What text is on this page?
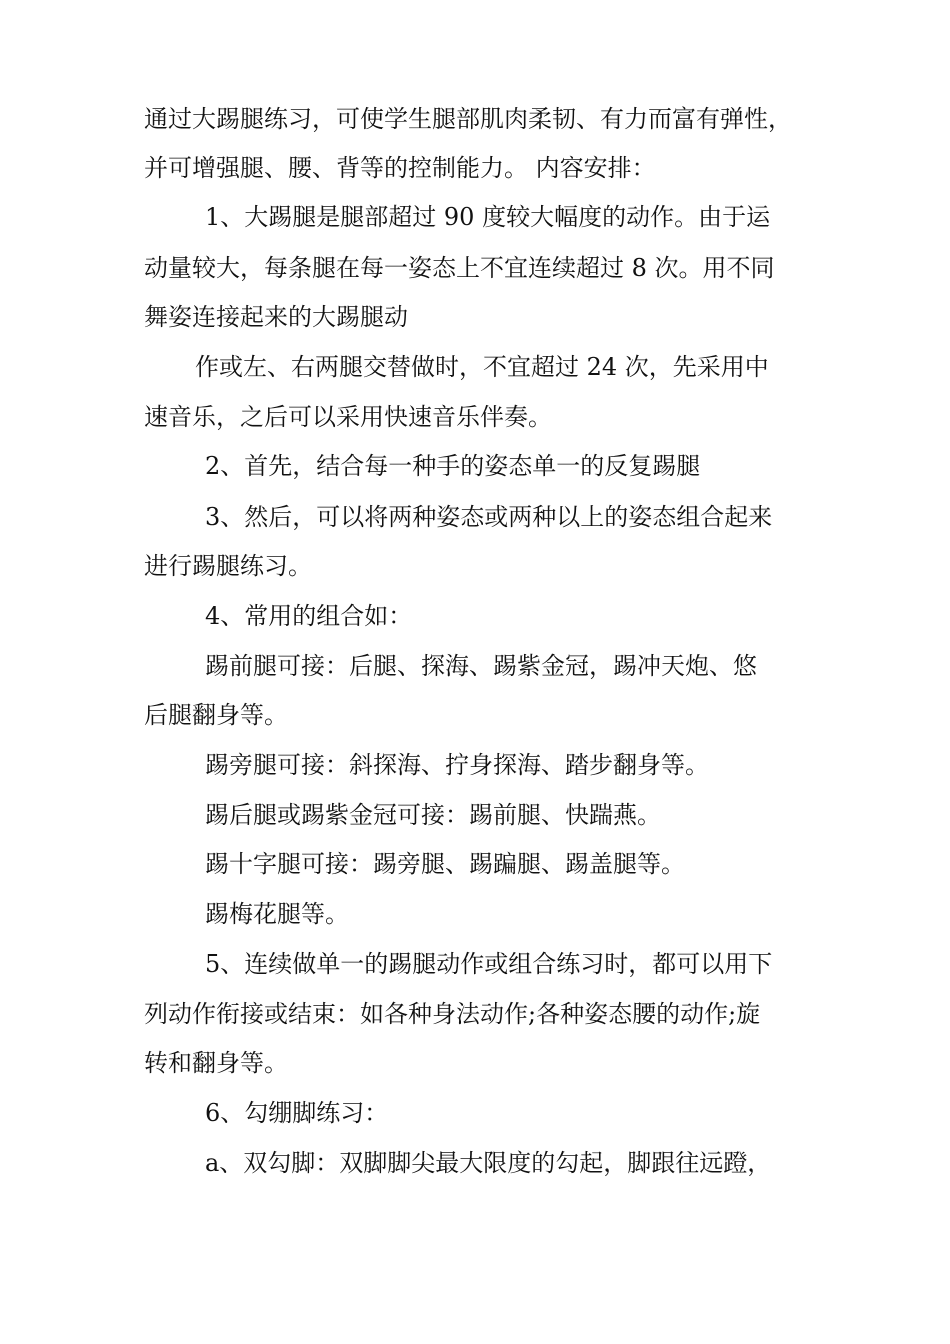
通过大踢腿练习，可使学生腿部肌肉柔韧、有力而富有弹性，

并可增强腿、腰、背等的控制能力。 内容安排：

1、大踢腿是腿部超过 90 度较大幅度的动作。由于运

动量较大，每条腿在每一姿态上不宜连续超过 8 次。用不同

舞姿连接起来的大踢腿动

作或左、右两腿交替做时，不宜超过 24 次，先采用中

速音乐，之后可以采用快速音乐伴奏。

2、首先，结合每一种手的姿态单一的反复踢腿

3、然后，可以将两种姿态或两种以上的姿态组合起来

进行踢腿练习。

4、常用的组合如：

踢前腿可接：后腿、探海、踢紫金冠，踢冲天炮、悠

后腿翻身等。

踢旁腿可接：斜探海、拧身探海、踏步翻身等。

踢后腿或踢紫金冠可接：踢前腿、快踹燕。

踢十字腿可接：踢旁腿、踢蹁腿、踢盖腿等。

踢梅花腿等。

5、连续做单一的踢腿动作或组合练习时，都可以用下

列动作衔接或结束：如各种身法动作;各种姿态腰的动作;旋

转和翻身等。

6、勾绷脚练习：

a、双勾脚：双脚脚尖最大限度的勾起，脚跟往远蹬，
